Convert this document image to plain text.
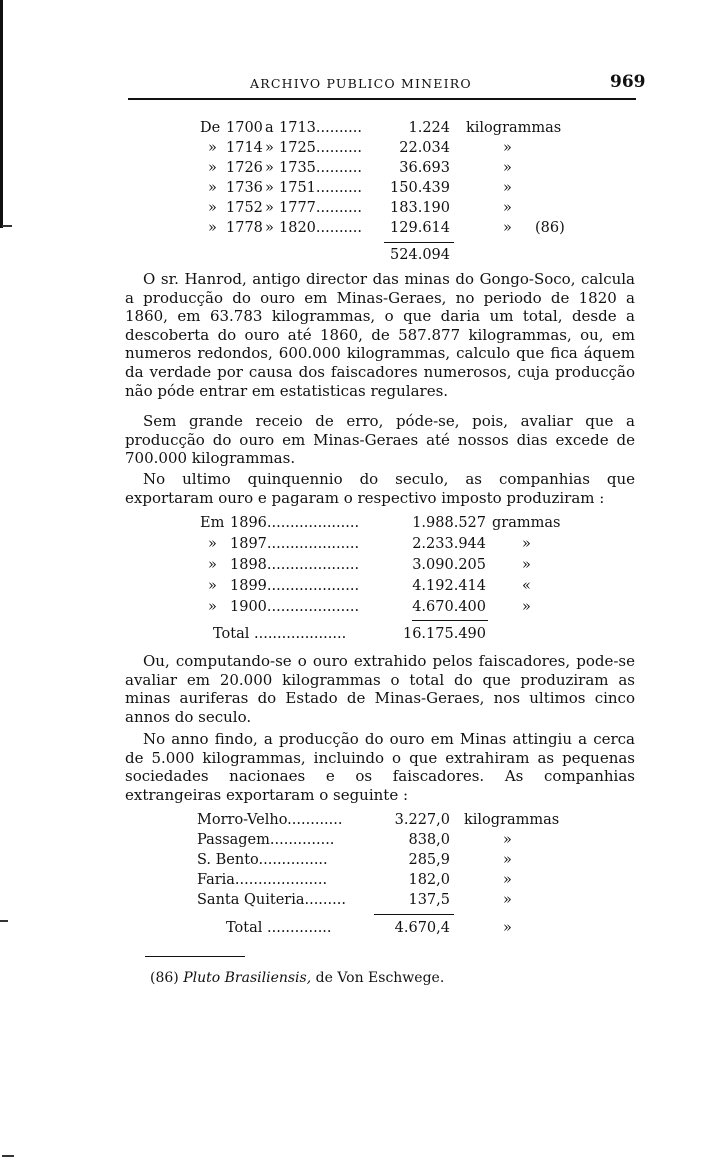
ARCHIVO PUBLICO MINEIRO	969
De 1700 a 1713..........	1.224 kilogrammas
» 1714 » 1725..........	22.034	»
» 1726 » 1735..........	36.693	»
» 1736 » 1751.......... 150.439	»
» 1752 » 1777.......... 183.190	»
» 1778 » 1820.......... 129.614	» (86)
524.094
O sr. Hanrod, antigo director das minas do Gongo-Soco, calcula a producção do ouro em Minas-Geraes, no periodo de 1820 a 1860, em 63.783 kilogrammas, o que daria um total, desde a descoberta do ouro até 1860, de 587.877 kilogrammas, ou, em numeros redondos, 600.000 kilogrammas, calculo que fica áquem da verdade por causa dos faiscadores numerosos, cuja producção não póde entrar em estatisticas regulares.
Sem grande receio de erro, póde-se, pois, avaliar que a producção do ouro em Minas-Geraes até nossos dias excede de 700.000 kilogrammas.
No ultimo quinquennio do seculo, as companhias que exportaram ouro e pagaram o respectivo imposto produziram :
Em 1896....................	1.988.527 grammas
» 1897....................	2.233.944 »
» 1898....................	3.090.205 »
» 1899....................	4.192.414 «
» 1900....................	4.670.400 »
Total ....................	16.175.490
Ou, computando-se o ouro extrahido pelos faiscadores, pode-se avaliar em 20.000 kilogrammas o total do que produziram as minas auriferas do Estado de Minas-Geraes, nos ultimos cinco annos do seculo.
No anno findo, a producção do ouro em Minas attingiu a cerca de 5.000 kilogrammas, incluindo o que extrahiram as pequenas sociedades nacionaes e os faiscadores. As companhias extrangeiras exportaram o seguinte :
Morro-Velho............	3.227,0 kilogrammas
Passagem..............	838,0	»
S. Bento...............	285,9	»
Faria....................	182,0	»
Santa Quiteria.........	137,5	»
Total ..............	4.670,4	»
(86) Pluto Brasiliensis, de Von Eschwege.
